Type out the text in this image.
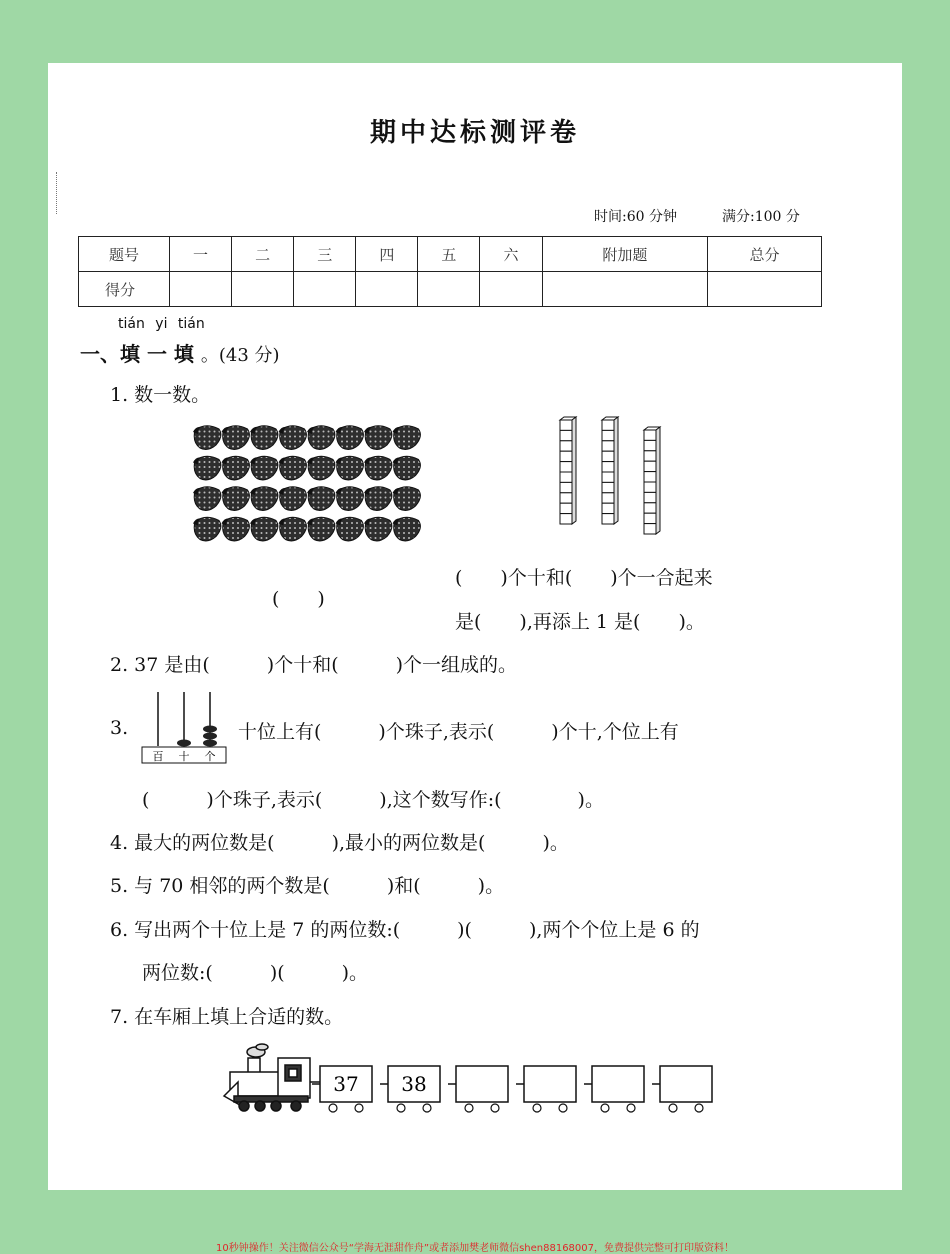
期中达标测评卷
时间:60 分钟	满分:100 分
题号	一	二	三	四	五	六	附加题	总分
得分								
tián yi tián
一、填 一 填 。(43 分)
1. 数一数。
(　　)
(　　)个十和(　　)个一合起来
是(　　),再添上 1 是(　　)。
2. 37 是由(　　　)个十和(　　　)个一组成的。
3.
百 十 个
十位上有(　　　)个珠子,表示(　　　)个十,个位上有
(　　　)个珠子,表示(　　　),这个数写作:(　　　　)。
4. 最大的两位数是(　　　),最小的两位数是(　　　)。
5. 与 70 相邻的两个数是(　　　)和(　　　)。
6. 写出两个十位上是 7 的两位数:(　　　)(　　　),两个个位上是 6 的
两位数:(　　　)(　　　)。
7. 在车厢上填上合适的数。
37 38
10秒钟操作！关注微信公众号“学海无涯甜作舟”或者添加樊老师微信shen88168007，免费提供完整可打印版资料！
